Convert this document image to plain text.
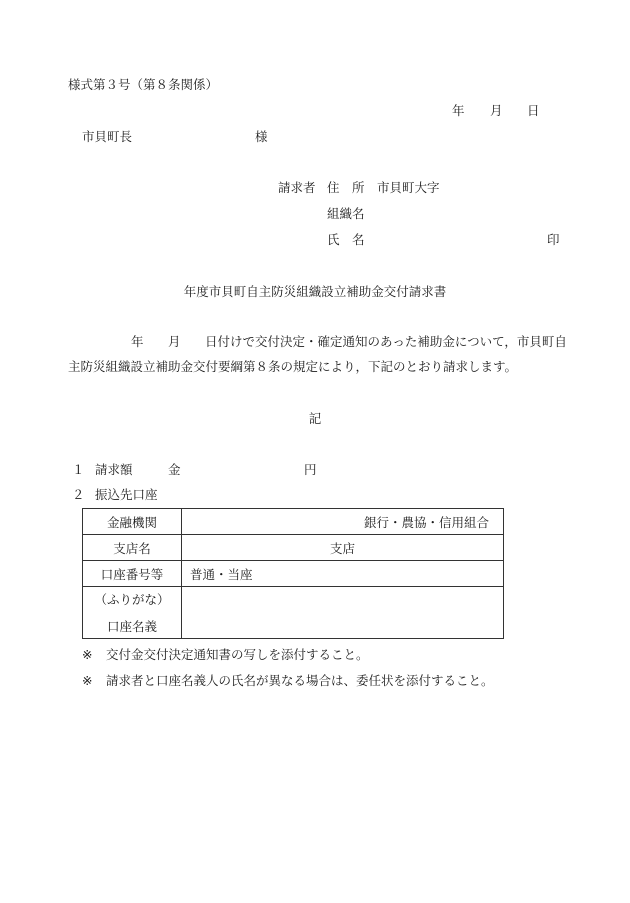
様式第３号（第８条関係）
年 月 日
市貝町長	様
請求者 住　所 市貝町大字
組織名
氏　名	印
年度市貝町自主防災組織設立補助金交付請求書
年 月 日付けで交付決定・確定通知のあった補助金について，市貝町自
主防災組織設立補助金交付要綱第８条の規定により，下記のとおり請求します。
記
１ 請求額	金	円
２ 振込先口座
金融機関	銀行・農協・信用組合
支店名	支店
口座番号等	普通・当座

（ふりがな）
口座名義	

※ 交付金交付決定通知書の写しを添付すること。
※ 請求者と口座名義人の氏名が異なる場合は、委任状を添付すること。
